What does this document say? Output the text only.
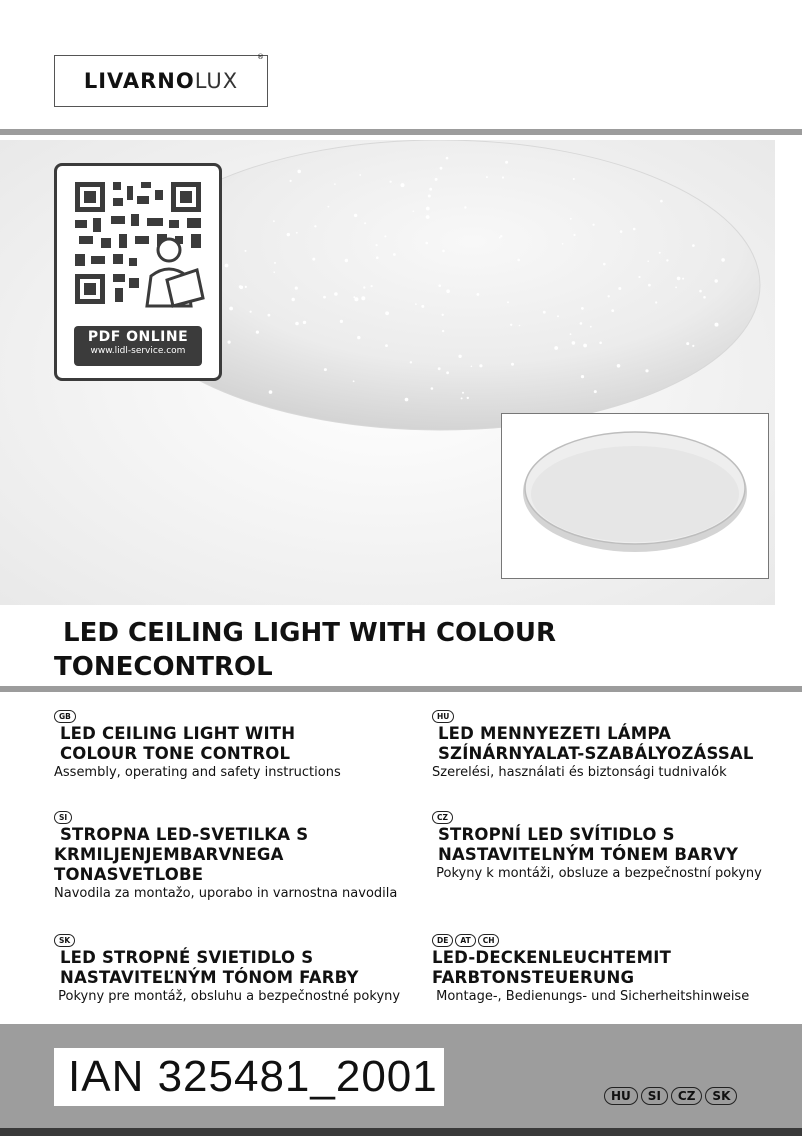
LIVARNO LUX
®
PDF ONLINE
www.lidl-service.com
LED CEILING LIGHT WITH COLOUR
TONECONTROL
GB
LED CEILING LIGHT WITH
COLOUR TONE CONTROL
Assembly, operating and safety instructions
HU
LED MENNYEZETI LÁMPA
SZÍNÁRNYALAT-SZABÁLYOZÁSSAL
Szerelési, használati és biztonsági tudnivalók
SI
STROPNA LED-SVETILKA S
KRMILJENJEMBARVNEGA
TONASVETLOBE
Navodila za montažo, uporabo in varnostna navodila
CZ
STROPNÍ LED SVÍTIDLO S
NASTAVITELNÝM TÓNEM BARVY
Pokyny k montáži, obsluze a bezpečnostní pokyny
SK
LED STROPNÉ SVIETIDLO S
NASTAVITEĽNÝM TÓNOM FARBY
Pokyny pre montáž, obsluhu a bezpečnostné pokyny
DE	AT	CH
LED-DECKENLEUCHTEMIT
FARBTONSTEUERUNG
Montage-, Bedienungs- und Sicherheitshinweise
IAN 325481_2001	HU	SI	CZ	SK
